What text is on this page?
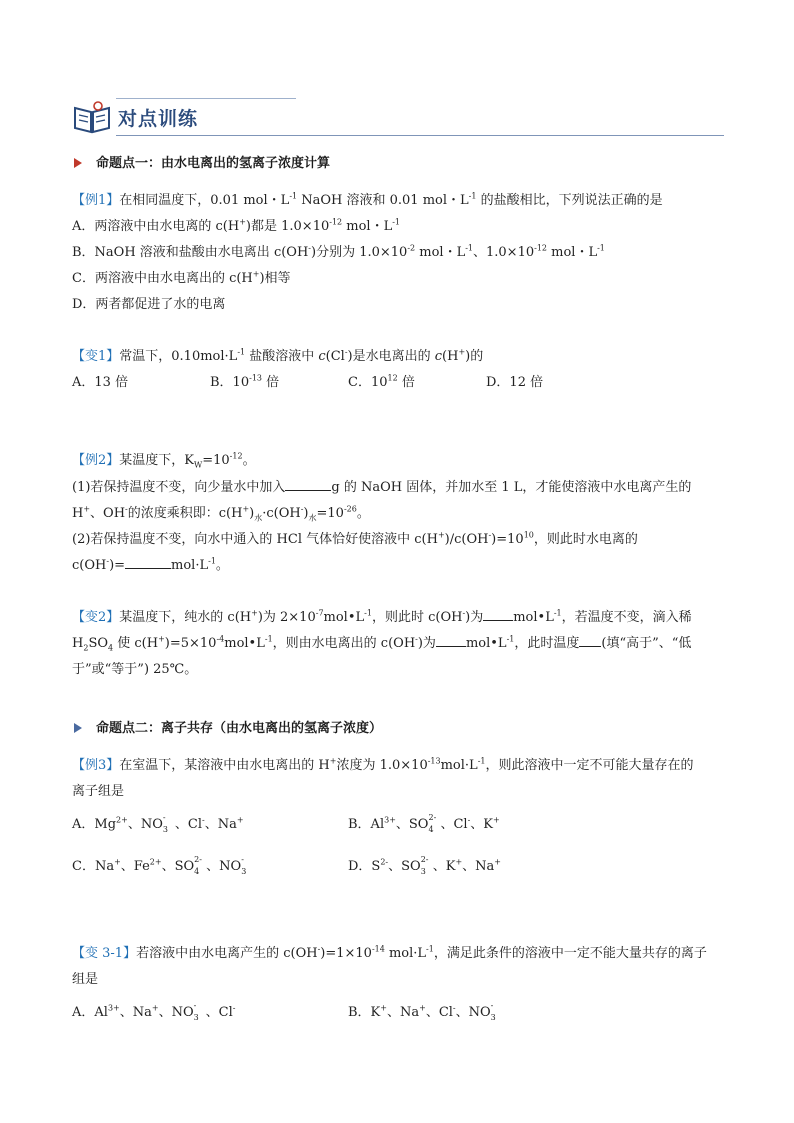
对点训练
命题点一：由水电离出的氢离子浓度计算
【例1】在相同温度下，0.01 mol・$L^{-1}$ NaOH 溶液和 0.01 mol・$L^{-1}$ 的盐酸相比，下列说法正确的是
A．两溶液中由水电离的 c(H+)都是 $1.0\times 10^{-12}$ mol・$L^{-1}$
B．NaOH 溶液和盐酸由水电离出 c(OH-)分别为 $1.0\times 10^{-2}$ mol・$L^{-1}$、$1.0\times 10^{-12}$ mol・$L^{-1}$
C．两溶液中由水电离出的 c(H+)相等
D．两者都促进了水的电离
【变1】常温下，$0.10mol\cdot L^{-1}$ 盐酸溶液中 c(Cl-)是水电离出的 c(H+)的
A．13 倍	B．$10^{-13}$ 倍	C．$10^{12}$ 倍	D．12 倍
【例2】某温度下，$K_W=10^{-12}$。
(1)若保持温度不变，向少量水中加入	g 的 NaOH 固体，并加水至 1 L，才能使溶液中水电离产生的
H+、OH-的浓度乘积即：$c(H^+)_水\cdot c(OH^-)_水=10^{-26}$。
(2)若保持温度不变，向水中通入的 HCl 气体恰好使溶液中 $c(H^+)/c(OH^-)=10^{10}$，则此时水电离的
c(OH-)=	$mol\cdot L^{-1}$。
【变2】某温度下，纯水的 c(H+)为 $2\times 10^{-7}mol•L^{-1}$，则此时 c(OH-)为 $mol•L^{-1}$，若温度不变，滴入稀
$H_2SO_4$ 使 $c(H^+)=5\times 10^{-4}mol•L^{-1}$，则由水电离出的 c(OH-)为 $mol•L^{-1}$，此时温度 (填“高于”、“低
于”或“等于”) 25℃。
命题点二：离子共存（由水电离出的氢离子浓度）
【例3】在室温下，某溶液中由水电离出的 H+浓度为 $1.0\times 10^{-13}mol\cdot L^{-1}$，则此溶液中一定不可能大量存在的
离子组是
A．$Mg^{2+}$、NO -
3 、Cl-、Na+	B．$Al^{3+}$、SO 2-
4 、Cl-、K+
C．Na+、$Fe^{2+}$、SO 2-
4 、NO -
3	D．$S^{2-}$、SO 2-
3 、K+、Na+
【变 3-1】若溶液中由水电离产生的 $c(OH^-)=1\times 10^{-14}$ $mol\cdot L^{-1}$，满足此条件的溶液中一定不能大量共存的离子
组是
A．$Al^{3+}$、Na+、NO -
3 、Cl-	B．K+、Na+、Cl-、NO -
3
